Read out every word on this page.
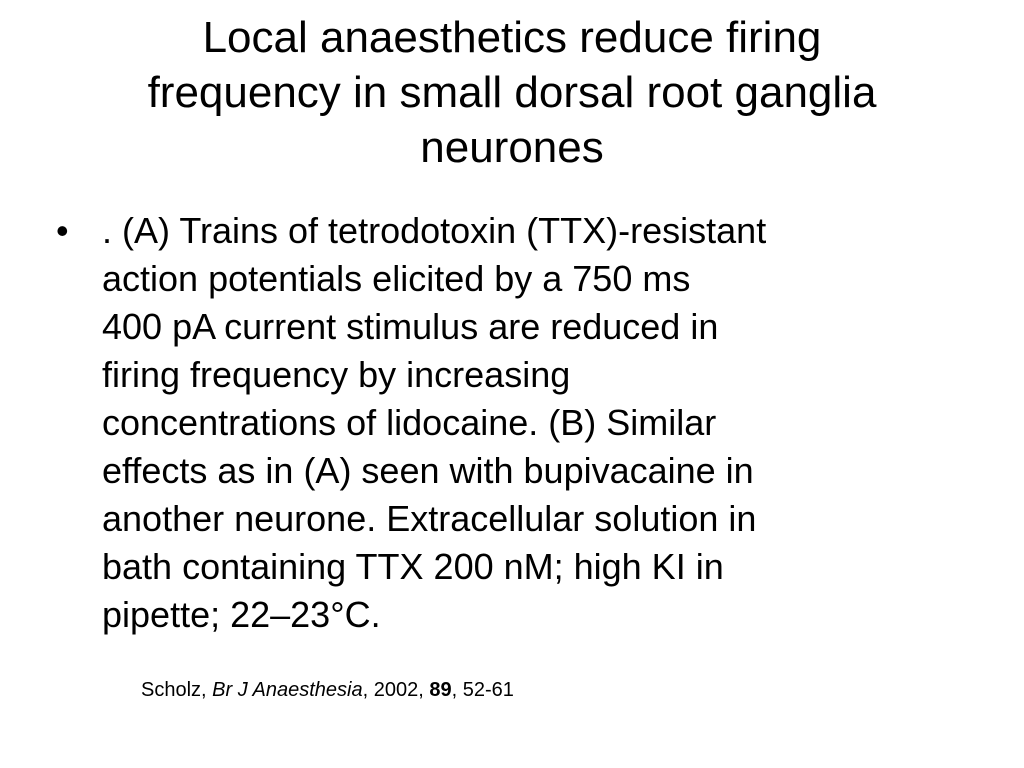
Local anaesthetics reduce firing
frequency in small dorsal root ganglia
neurones
• . (A) Trains of tetrodotoxin (TTX)-resistant
action potentials elicited by a 750 ms
400 pA current stimulus are reduced in
firing frequency by increasing
concentrations of lidocaine. (B) Similar
effects as in (A) seen with bupivacaine in
another neurone. Extracellular solution in
bath containing TTX 200 nM; high KI in
pipette; 22–23°C.
Scholz, Br J Anaesthesia, 2002, 89, 52-61
